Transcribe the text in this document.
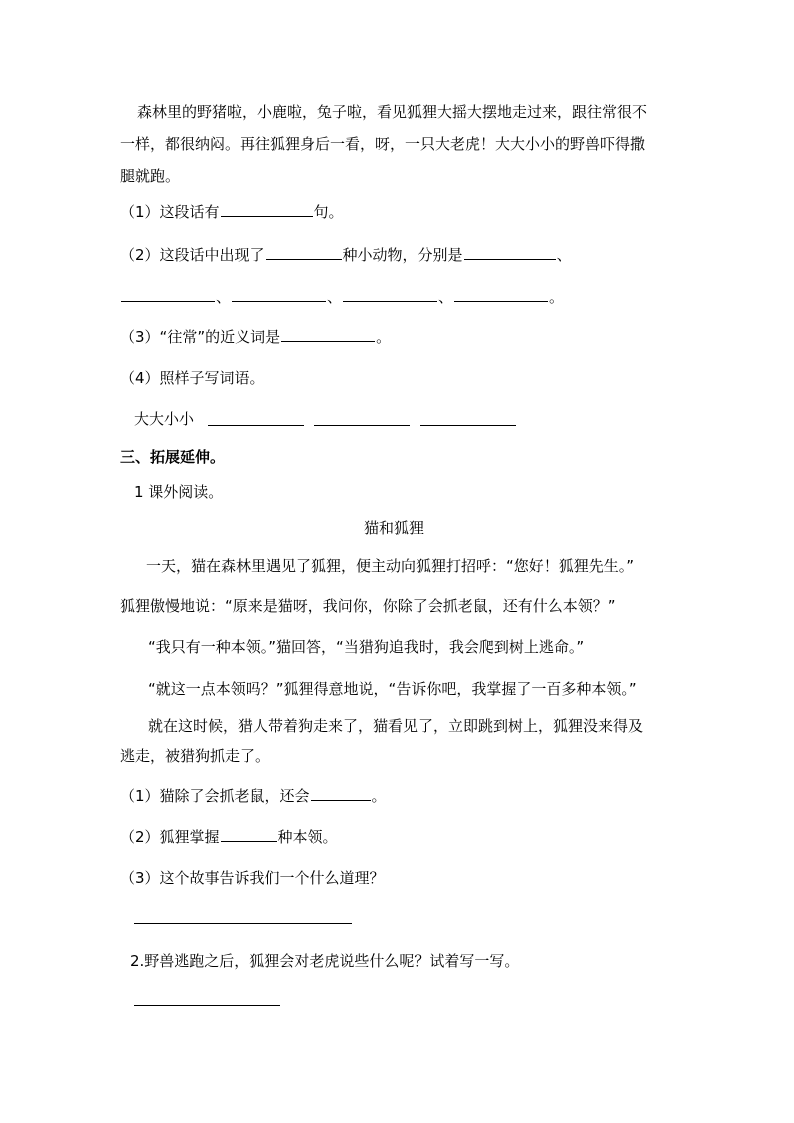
森林里的野猪啦，小鹿啦，兔子啦，看见狐狸大摇大摆地走过来，跟往常很不
一样，都很纳闷。再往狐狸身后一看，呀，一只大老虎！大大小小的野兽吓得撒
腿就跑。
（1）这段话有	句。
（2）这段话中出现了	种小动物，分别是	、
、	、	、	。
（3）“往常”的近义词是	。
（4）照样子写词语。
大大小小
三、拓展延伸。
1 课外阅读。
猫和狐狸
一天，猫在森林里遇见了狐狸，便主动向狐狸打招呼：“您好！狐狸先生。”
狐狸傲慢地说：“原来是猫呀，我问你，你除了会抓老鼠，还有什么本领？”
“我只有一种本领。”猫回答，“当猎狗追我时，我会爬到树上逃命。”
“就这一点本领吗？”狐狸得意地说，“告诉你吧，我掌握了一百多种本领。”
就在这时候，猎人带着狗走来了，猫看见了，立即跳到树上，狐狸没来得及
逃走，被猎狗抓走了。
（1）猫除了会抓老鼠，还会	。
（2）狐狸掌握	种本领。
（3）这个故事告诉我们一个什么道理？
2.野兽逃跑之后，狐狸会对老虎说些什么呢？试着写一写。
